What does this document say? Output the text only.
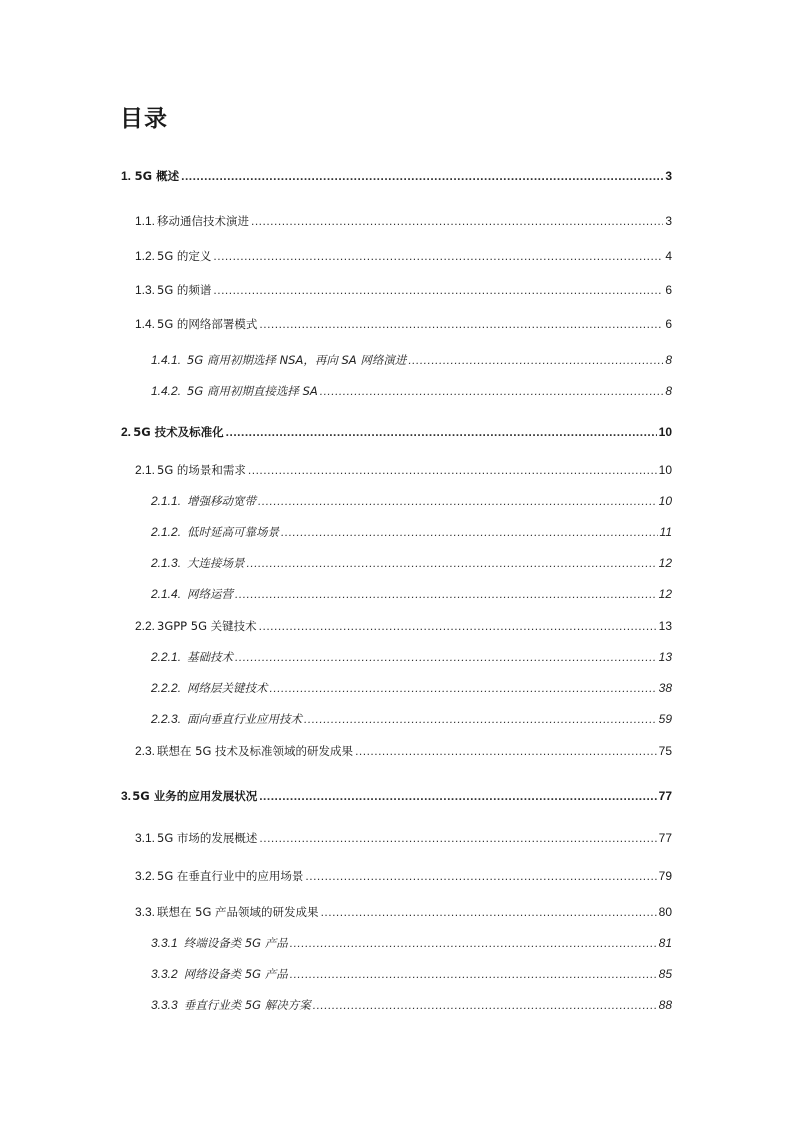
目录
1. 5G 概述 .....	3
1.1. 移动通信技术演进 .....	3
1.2. 5G 的定义 .....	4
1.3. 5G 的频谱 .....	6
1.4. 5G 的网络部署模式 .....	6
1.4.1. 5G 商用初期选择 NSA，再向 SA 网络演进 .....	8
1.4.2. 5G 商用初期直接选择 SA .....	8
2. 5G 技术及标准化 .....	10
2.1. 5G 的场景和需求 .....	10
2.1.1. 增强移动宽带 .....	10
2.1.2. 低时延高可靠场景 .....	11
2.1.3. 大连接场景 .....	12
2.1.4. 网络运营 .....	12
2.2. 3GPP 5G 关键技术 .....	13
2.2.1. 基础技术 .....	13
2.2.2. 网络层关键技术 .....	38
2.2.3. 面向垂直行业应用技术 .....	59
2.3. 联想在 5G 技术及标准领域的研发成果 .....	75
3. 5G 业务的应用发展状况 .....	77
3.1. 5G 市场的发展概述 .....	77
3.2. 5G 在垂直行业中的应用场景 .....	79
3.3. 联想在 5G 产品领域的研发成果 .....	80
3.3.1 终端设备类 5G 产品 .....	81
3.3.2 网络设备类 5G 产品 .....	85
3.3.3 垂直行业类 5G 解决方案 .....	88
